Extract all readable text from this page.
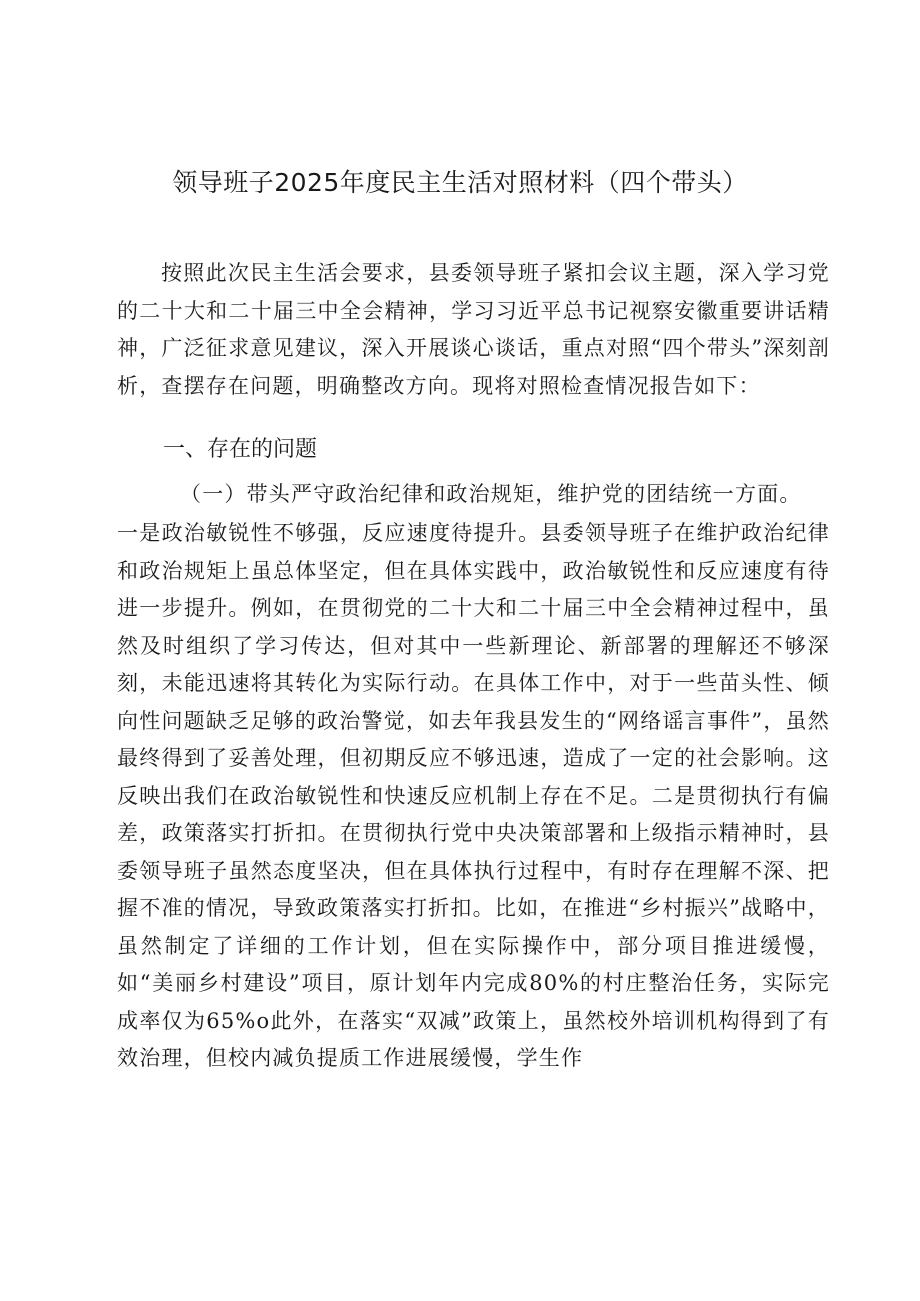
领导班子2025年度民主生活对照材料（四个带头）

按照此次民主生活会要求，县委领导班子紧扣会议主题，深入学习党的二十大和二十届三中全会精神，学习习近平总书记视察安徽重要讲话精神，广泛征求意见建议，深入开展谈心谈话，重点对照“四个带头”深刻剖析，查摆存在问题，明确整改方向。现将对照检查情况报告如下：

一、存在的问题

（一）带头严守政治纪律和政治规矩，维护党的团结统一方面。

一是政治敏锐性不够强，反应速度待提升。县委领导班子在维护政治纪律和政治规矩上虽总体坚定，但在具体实践中，政治敏锐性和反应速度有待进一步提升。例如，在贯彻党的二十大和二十届三中全会精神过程中，虽然及时组织了学习传达，但对其中一些新理论、新部署的理解还不够深刻，未能迅速将其转化为实际行动。在具体工作中，对于一些苗头性、倾向性问题缺乏足够的政治警觉，如去年我县发生的“网络谣言事件”，虽然最终得到了妥善处理，但初期反应不够迅速，造成了一定的社会影响。这反映出我们在政治敏锐性和快速反应机制上存在不足。二是贯彻执行有偏差，政策落实打折扣。在贯彻执行党中央决策部署和上级指示精神时，县委领导班子虽然态度坚决，但在具体执行过程中，有时存在理解不深、把握不准的情况，导致政策落实打折扣。比如，在推进“乡村振兴”战略中，虽然制定了详细的工作计划，但在实际操作中，部分项目推进缓慢，如“美丽乡村建设”项目，原计划年内完成80%的村庄整治任务，实际完成率仅为65%o此外，在落实“双减”政策上，虽然校外培训机构得到了有效治理，但校内减负提质工作进展缓慢，学生作
